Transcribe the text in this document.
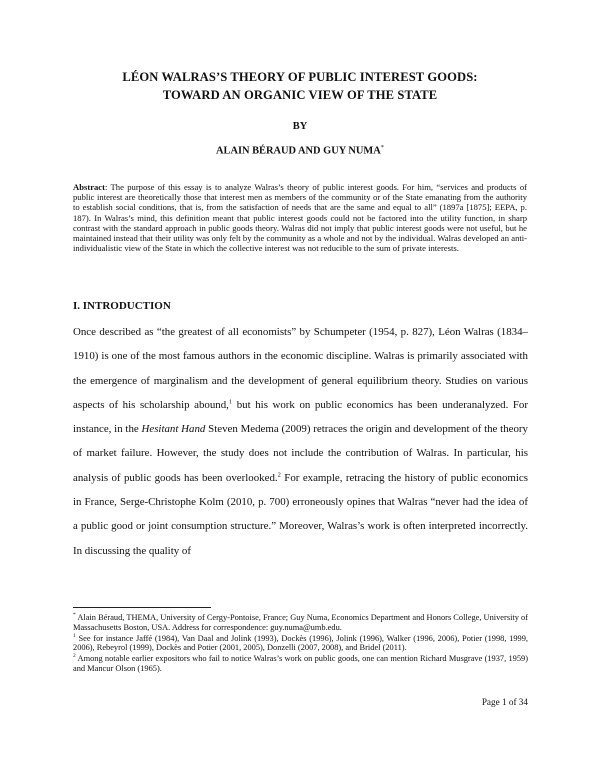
LÉON WALRAS’S THEORY OF PUBLIC INTEREST GOODS:
TOWARD AN ORGANIC VIEW OF THE STATE

BY

ALAIN BÉRAUD AND GUY NUMA*

Abstract: The purpose of this essay is to analyze Walras’s theory of public interest goods. For him, “services and products of public interest are theoretically those that interest men as members of the community or of the State emanating from the authority to establish social conditions, that is, from the satisfaction of needs that are the same and equal to all” (1897a [1875]; EEPA, p. 187). In Walras’s mind, this definition meant that public interest goods could not be factored into the utility function, in sharp contrast with the standard approach in public goods theory. Walras did not imply that public interest goods were not useful, but he maintained instead that their utility was only felt by the community as a whole and not by the individual. Walras developed an anti-individualistic view of the State in which the collective interest was not reducible to the sum of private interests.

I. INTRODUCTION

Once described as “the greatest of all economists” by Schumpeter (1954, p. 827), Léon Walras (1834–1910) is one of the most famous authors in the economic discipline. Walras is primarily associated with the emergence of marginalism and the development of general equilibrium theory. Studies on various aspects of his scholarship abound,$^1$ but his work on public economics has been underanalyzed. For instance, in the Hesitant Hand Steven Medema (2009) retraces the origin and development of the theory of market failure. However, the study does not include the contribution of Walras. In particular, his analysis of public goods has been overlooked.$^2$ For example, retracing the history of public economics in France, Serge-Christophe Kolm (2010, p. 700) erroneously opines that Walras “never had the idea of a public good or joint consumption structure.” Moreover, Walras’s work is often interpreted incorrectly. In discussing the quality of

* Alain Béraud, THEMA, University of Cergy-Pontoise, France; Guy Numa, Economics Department and Honors College, University of Massachusetts Boston, USA. Address for correspondence: guy.numa@umb.edu.

$^1$ See for instance Jaffé (1984), Van Daal and Jolink (1993), Dockès (1996), Jolink (1996), Walker (1996, 2006), Potier (1998, 1999, 2006), Rebeyrol (1999), Dockès and Potier (2001, 2005), Donzelli (2007, 2008), and Bridel (2011).

$^2$ Among notable earlier expositors who fail to notice Walras’s work on public goods, one can mention Richard Musgrave (1937, 1959) and Mancur Olson (1965).

Page 1 of 34
